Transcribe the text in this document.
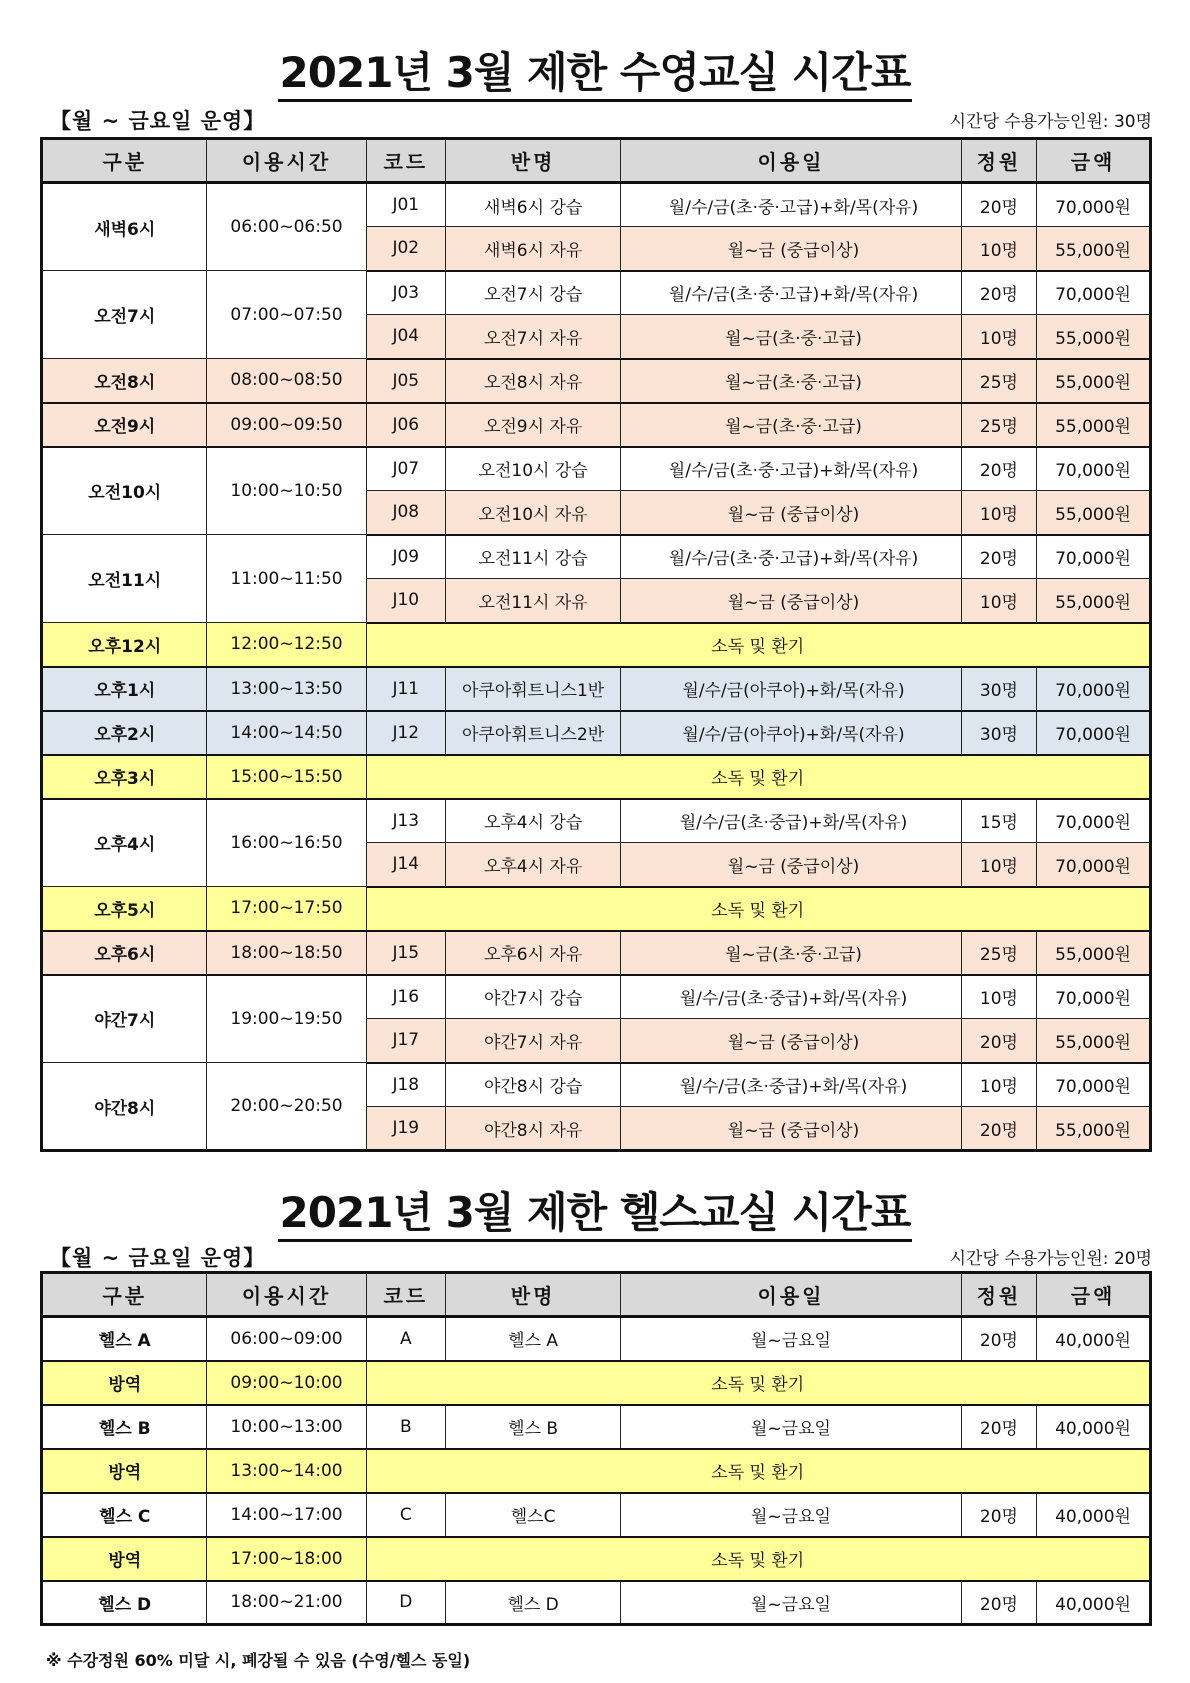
2021년 3월 제한 수영교실 시간표
【월 ~ 금요일 운영】	시간당 수용가능인원: 30명
구분	이용시간	코드	반명	이용일	정원	금액
새벽6시	06:00~06:50	J01	새벽6시 강습	월/수/금(초·중·고급)+화/목(자유)	20명	70,000원
		J02	새벽6시 자유	월~금 (중급이상)	10명	55,000원
오전7시	07:00~07:50	J03	오전7시 강습	월/수/금(초·중·고급)+화/목(자유)	20명	70,000원
		J04	오전7시 자유	월~금(초·중·고급)	10명	55,000원
오전8시	08:00~08:50	J05	오전8시 자유	월~금(초·중·고급)	25명	55,000원
오전9시	09:00~09:50	J06	오전9시 자유	월~금(초·중·고급)	25명	55,000원
오전10시	10:00~10:50	J07	오전10시 강습	월/수/금(초·중·고급)+화/목(자유)	20명	70,000원
		J08	오전10시 자유	월~금 (중급이상)	10명	55,000원
오전11시	11:00~11:50	J09	오전11시 강습	월/수/금(초·중·고급)+화/목(자유)	20명	70,000원
		J10	오전11시 자유	월~금 (중급이상)	10명	55,000원
오후12시	12:00~12:50	소독 및 환기				
오후1시	13:00~13:50	J11	아쿠아휘트니스1반	월/수/금(아쿠아)+화/목(자유)	30명	70,000원
오후2시	14:00~14:50	J12	아쿠아휘트니스2반	월/수/금(아쿠아)+화/목(자유)	30명	70,000원
오후3시	15:00~15:50	소독 및 환기				
오후4시	16:00~16:50	J13	오후4시 강습	월/수/금(초·중급)+화/목(자유)	15명	70,000원
		J14	오후4시 자유	월~금 (중급이상)	10명	70,000원
오후5시	17:00~17:50	소독 및 환기				
오후6시	18:00~18:50	J15	오후6시 자유	월~금(초·중·고급)	25명	55,000원
야간7시	19:00~19:50	J16	야간7시 강습	월/수/금(초·중급)+화/목(자유)	10명	70,000원
		J17	야간7시 자유	월~금 (중급이상)	20명	55,000원
야간8시	20:00~20:50	J18	야간8시 강습	월/수/금(초·중급)+화/목(자유)	10명	70,000원
		J19	야간8시 자유	월~금 (중급이상)	20명	55,000원
2021년 3월 제한 헬스교실 시간표
【월 ~ 금요일 운영】	시간당 수용가능인원: 20명
구분	이용시간	코드	반명	이용일	정원	금액
헬스 A	06:00~09:00	A	헬스 A	월~금요일	20명	40,000원
방역	09:00~10:00	소독 및 환기				
헬스 B	10:00~13:00	B	헬스 B	월~금요일	20명	40,000원
방역	13:00~14:00	소독 및 환기				
헬스 C	14:00~17:00	C	헬스C	월~금요일	20명	40,000원
방역	17:00~18:00	소독 및 환기				
헬스 D	18:00~21:00	D	헬스 D	월~금요일	20명	40,000원
※ 수강정원 60% 미달 시, 폐강될 수 있음 (수영/헬스 동일)
